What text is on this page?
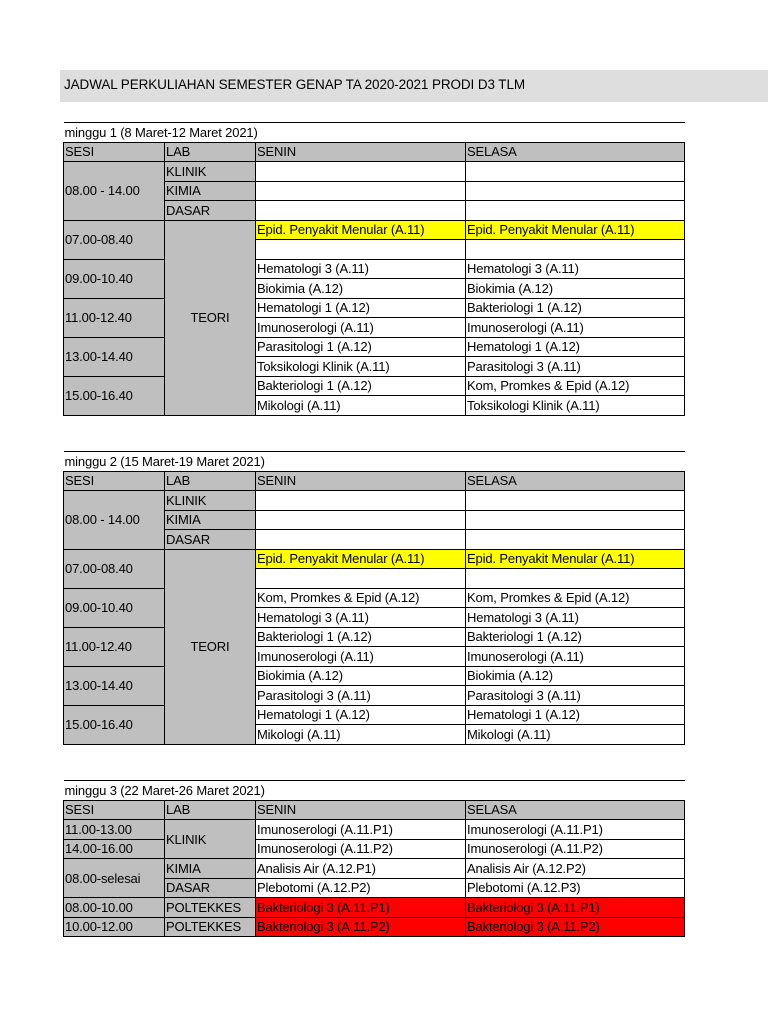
JADWAL PERKULIAHAN SEMESTER GENAP TA 2020-2021 PRODI D3 TLM
minggu 1 (8 Maret-12 Maret 2021)			
SESI	LAB	SENIN	SELASA
08.00 - 14.00	KLINIK		
	KIMIA		
	DASAR		
07.00-08.40	TEORI	Epid. Penyakit Menular (A.11)	Epid. Penyakit Menular (A.11)

09.00-10.40		Hematologi 3 (A.11)	Hematologi 3 (A.11)
		Biokimia (A.12)	Biokimia (A.12)
11.00-12.40		Hematologi 1 (A.12)	Bakteriologi 1 (A.12)
		Imunoserologi (A.11)	Imunoserologi (A.11)
13.00-14.40		Parasitologi 1 (A.12)	Hematologi 1 (A.12)
		Toksikologi Klinik (A.11)	Parasitologi 3 (A.11)
15.00-16.40		Bakteriologi 1 (A.12)	Kom, Promkes & Epid (A.12)
		Mikologi (A.11)	Toksikologi Klinik (A.11)
minggu 2 (15 Maret-19 Maret 2021)			
SESI	LAB	SENIN	SELASA
08.00 - 14.00	KLINIK		
	KIMIA		
	DASAR		
07.00-08.40	TEORI	Epid. Penyakit Menular (A.11)	Epid. Penyakit Menular (A.11)

09.00-10.40		Kom, Promkes & Epid (A.12)	Kom, Promkes & Epid (A.12)
		Hematologi 3 (A.11)	Hematologi 3 (A.11)
11.00-12.40		Bakteriologi 1 (A.12)	Bakteriologi 1 (A.12)
		Imunoserologi (A.11)	Imunoserologi (A.11)
13.00-14.40		Biokimia (A.12)	Biokimia (A.12)
		Parasitologi 3 (A.11)	Parasitologi 3 (A.11)
15.00-16.40		Hematologi 1 (A.12)	Hematologi 1 (A.12)
		Mikologi (A.11)	Mikologi (A.11)
minggu 3 (22 Maret-26 Maret 2021)			
SESI	LAB	SENIN	SELASA
11.00-13.00	KLINIK	Imunoserologi (A.11.P1)	Imunoserologi (A.11.P1)
14.00-16.00		Imunoserologi (A.11.P2)	Imunoserologi (A.11.P2)
08.00-selesai	KIMIA	Analisis Air (A.12.P1)	Analisis Air (A.12.P2)
	DASAR	Plebotomi (A.12.P2)	Plebotomi (A.12.P3)
08.00-10.00	POLTEKKES	Bakteriologi 3 (A.11.P1)	Bakteriologi 3 (A.11.P1)
10.00-12.00	POLTEKKES	Bakteriologi 3 (A.11.P2)	Bakteriologi 3 (A.11.P2)
